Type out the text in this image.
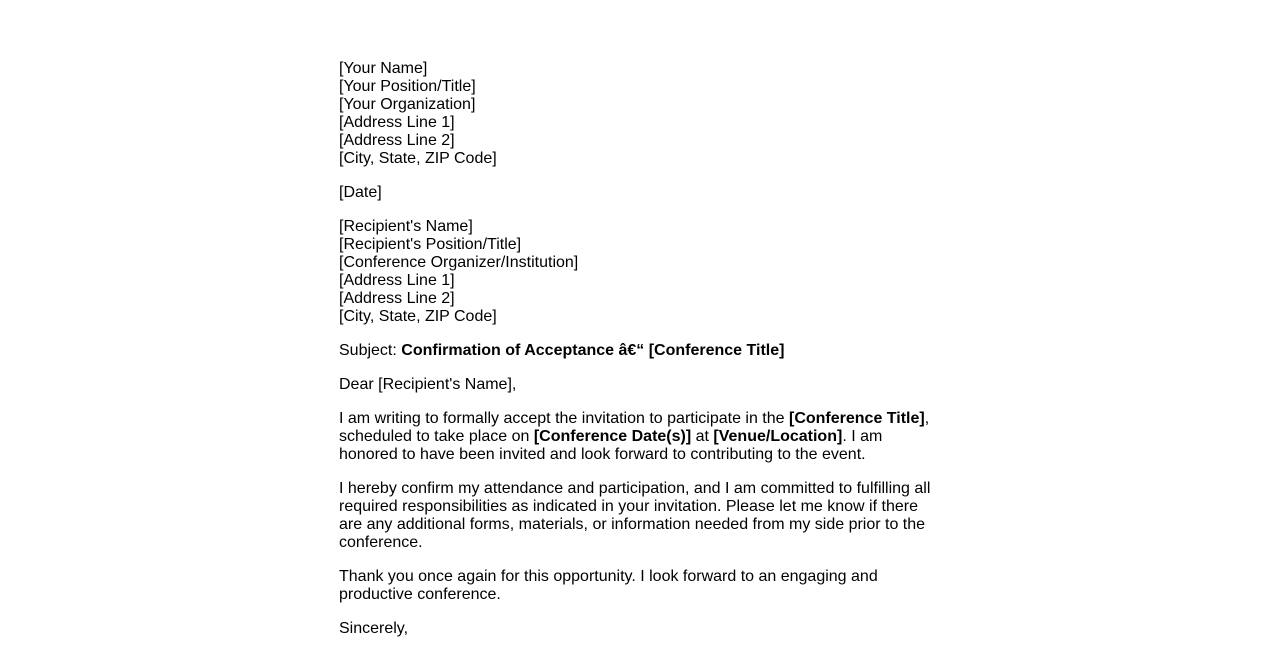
[Your Name]
[Your Position/Title]
[Your Organization]
[Address Line 1]
[Address Line 2]
[City, State, ZIP Code]
[Date]
[Recipient's Name]
[Recipient's Position/Title]
[Conference Organizer/Institution]
[Address Line 1]
[Address Line 2]
[City, State, ZIP Code]

Subject: Confirmation of Acceptance â€“ [Conference Title]

Dear [Recipient's Name],

I am writing to formally accept the invitation to participate in the [Conference Title], scheduled to take place on [Conference Date(s)] at [Venue/Location]. I am honored to have been invited and look forward to contributing to the event.

I hereby confirm my attendance and participation, and I am committed to fulfilling all required responsibilities as indicated in your invitation. Please let me know if there are any additional forms, materials, or information needed from my side prior to the conference.

Thank you once again for this opportunity. I look forward to an engaging and productive conference.

Sincerely,
